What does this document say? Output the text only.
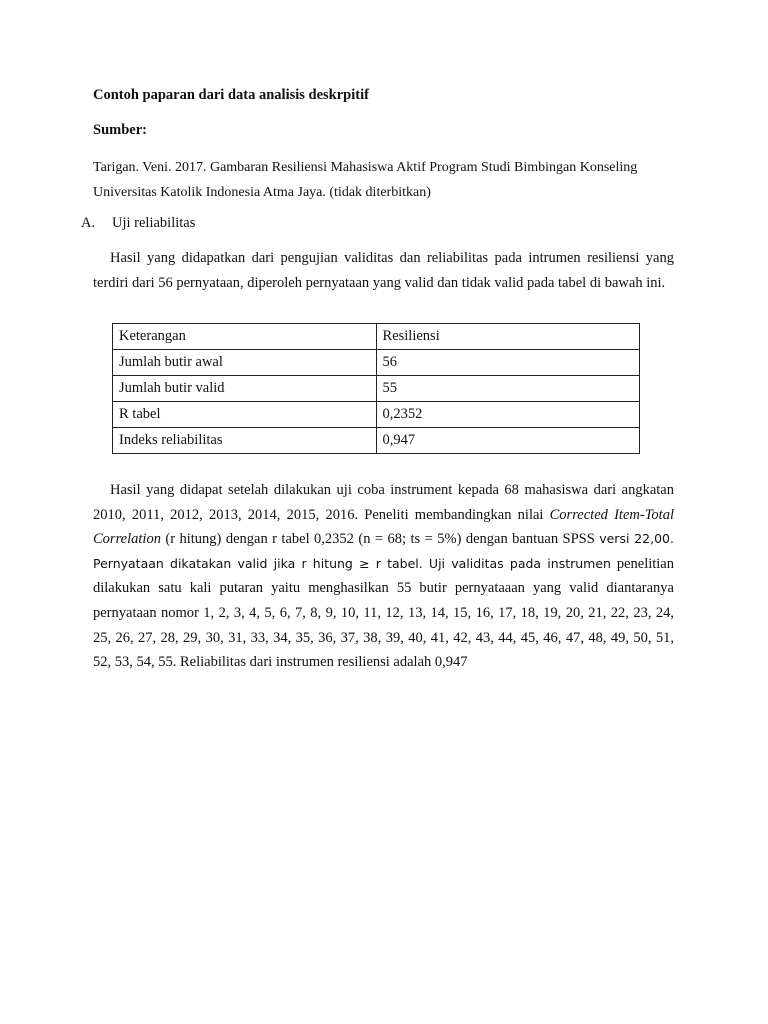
Contoh paparan dari data analisis deskrpitif
Sumber:
Tarigan. Veni. 2017. Gambaran Resiliensi Mahasiswa Aktif Program Studi Bimbingan Konseling
Universitas Katolik Indonesia Atma Jaya. (tidak diterbitkan)
A. Uji reliabilitas
Hasil yang didapatkan dari pengujian validitas dan reliabilitas pada intrumen resiliensi yang terdiri dari 56 pernyataan, diperoleh pernyataan yang valid dan tidak valid pada tabel di bawah ini.
Keterangan	Resiliensi
Jumlah butir awal	56
Jumlah butir valid	55
R tabel	0,2352
Indeks reliabilitas	0,947
Hasil yang didapat setelah dilakukan uji coba instrument kepada 68 mahasiswa dari angkatan 2010, 2011, 2012, 2013, 2014, 2015, 2016. Peneliti membandingkan nilai Corrected Item-Total Correlation (r hitung) dengan r tabel 0,2352 (n = 68; ts = 5%) dengan bantuan SPSS versi 22,00. Pernyataan dikatakan valid jika r hitung ≥ r tabel. Uji validitas pada instrumen penelitian dilakukan satu kali putaran yaitu menghasilkan 55 butir pernyataaan yang valid diantaranya pernyataan nomor 1, 2, 3, 4, 5, 6, 7, 8, 9, 10, 11, 12, 13, 14, 15, 16, 17, 18, 19, 20, 21, 22, 23, 24, 25, 26, 27, 28, 29, 30, 31, 33, 34, 35, 36, 37, 38, 39, 40, 41, 42, 43, 44, 45, 46, 47, 48, 49, 50, 51, 52, 53, 54, 55. Reliabilitas dari instrumen resiliensi adalah 0,947
